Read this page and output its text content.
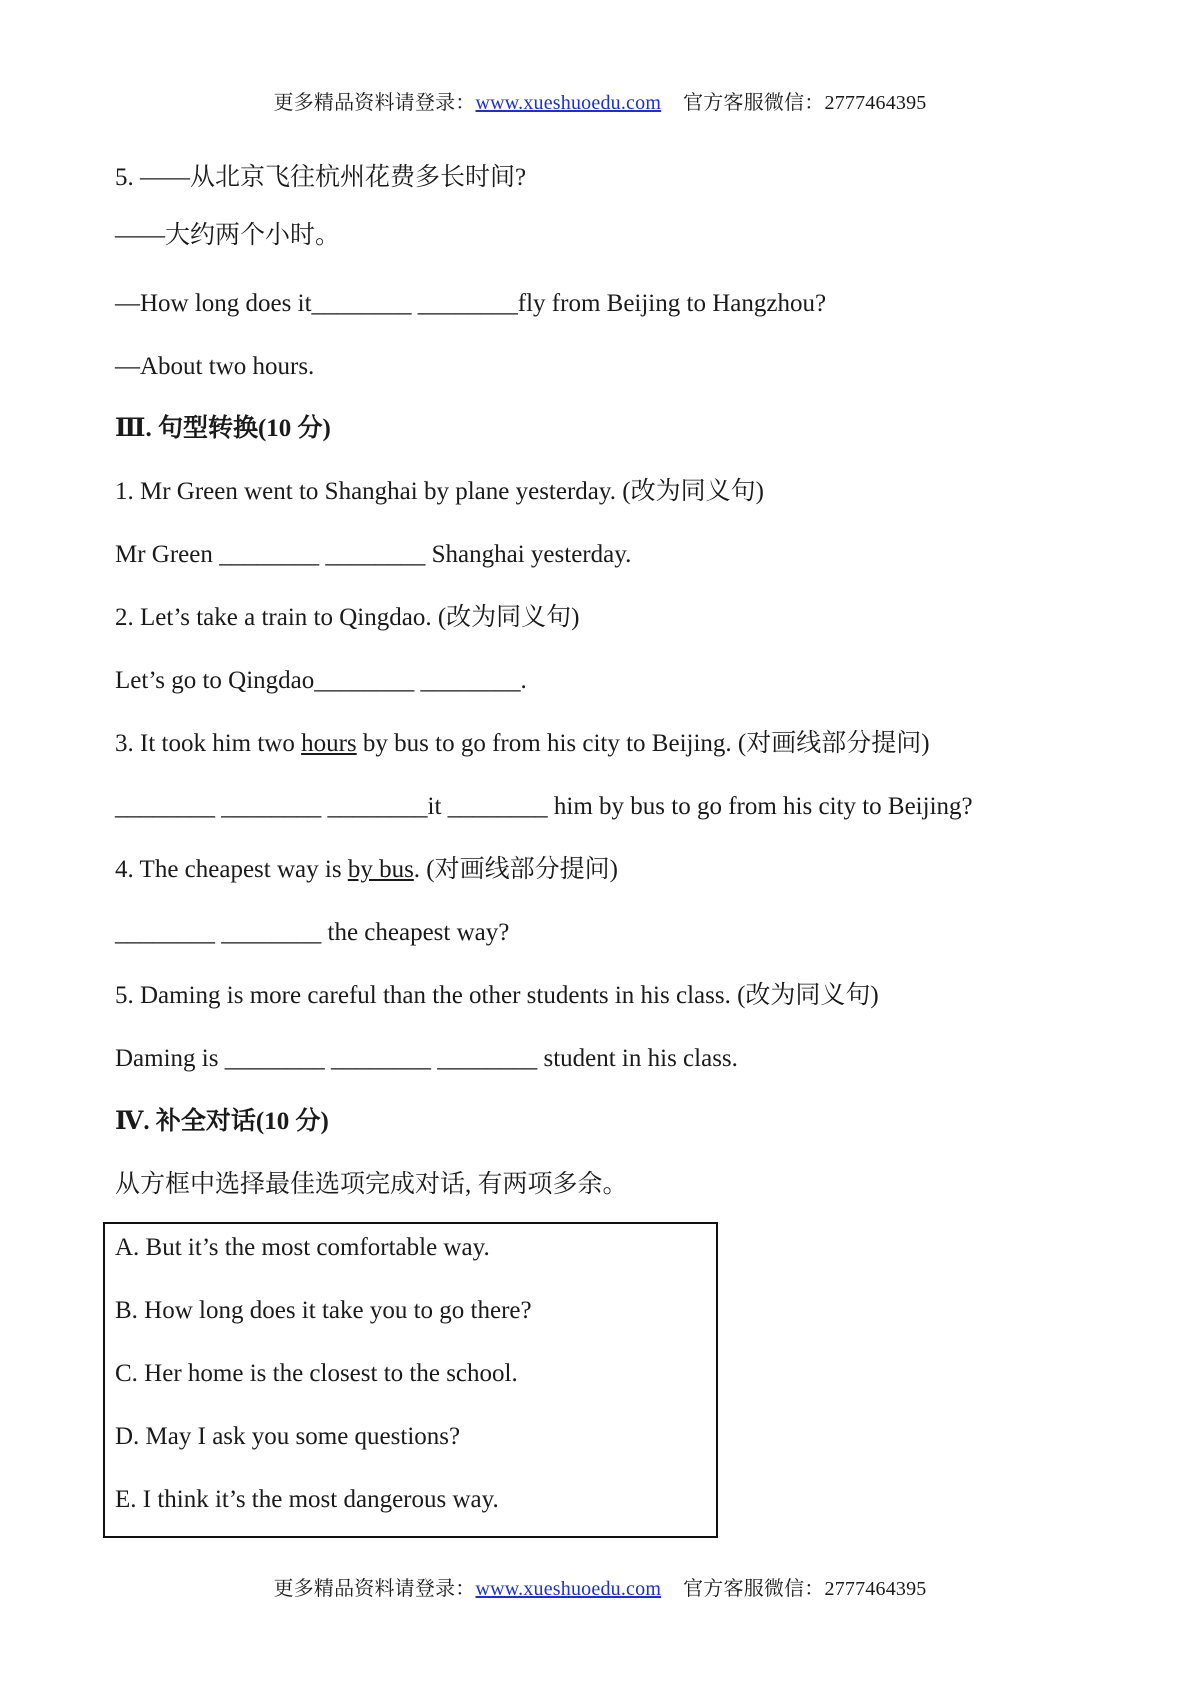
更多精品资料请登录：www.xueshuoedu.com 官方客服微信：2777464395
5. ——从北京飞往杭州花费多长时间?
——大约两个小时。
—How long does it________ ________fly from Beijing to Hangzhou?
—About two hours.
Ⅲ. 句型转换(10 分)
1. Mr Green went to Shanghai by plane yesterday. (改为同义句)
Mr Green ________ ________ Shanghai yesterday.
2. Let’s take a train to Qingdao. (改为同义句)
Let’s go to Qingdao________ ________.
3. It took him two hours by bus to go from his city to Beijing. (对画线部分提问)
________ ________ ________it ________ him by bus to go from his city to Beijing?
4. The cheapest way is by bus. (对画线部分提问)
________ ________ the cheapest way?
5. Daming is more careful than the other students in his class. (改为同义句)
Daming is ________ ________ ________ student in his class.
Ⅳ. 补全对话(10 分)
从方框中选择最佳选项完成对话, 有两项多余。
A. But it’s the most comfortable way.
B. How long does it take you to go there?
C. Her home is the closest to the school.
D. May I ask you some questions?
E. I think it’s the most dangerous way.
更多精品资料请登录：www.xueshuoedu.com 官方客服微信：2777464395
